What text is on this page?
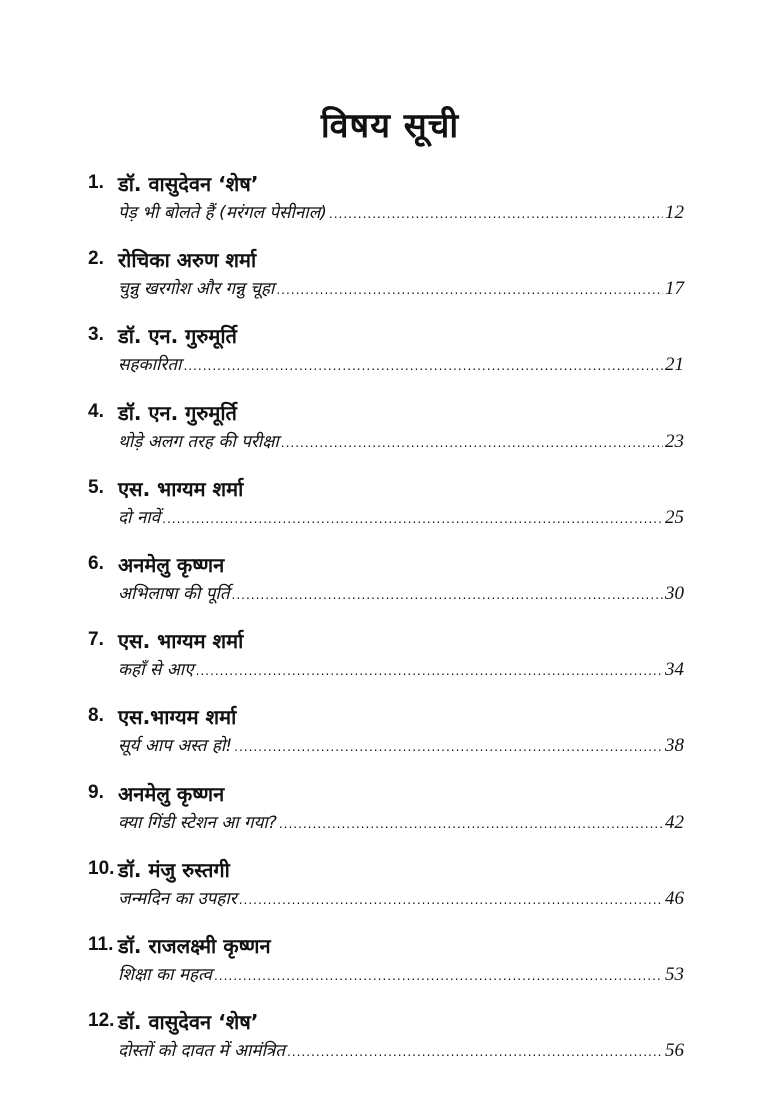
विषय सूची
1. डॉ. वासुदेवन ‘शेष’
पेड़ भी बोलते हैं (मरंगल पेसीनाल) .....	12
2. रोचिका अरुण शर्मा
चुन्नु खरगोश और गन्नु चूहा .....	17
3. डॉ. एन. गुरुमूर्ति
सहकारिता .....	21
4. डॉ. एन. गुरुमूर्ति
थोड़े अलग तरह की परीक्षा .....	23
5. एस. भाग्यम शर्मा
दो नावें .....	25
6. अनमेलु कृष्णन
अभिलाषा की पूर्ति .....	30
7. एस. भाग्यम शर्मा
कहाँ से आए .....	34
8. एस.भाग्यम शर्मा
सूर्य आप अस्त हो! .....	38
9. अनमेलु कृष्णन
क्या गिंडी स्टेशन आ गया? .....	42
10. डॉ. मंजु रुस्तगी
जन्मदिन का उपहार .....	46
11. डॉ. राजलक्ष्मी कृष्णन
शिक्षा का महत्व .....	53
12. डॉ. वासुदेवन ‘शेष’
दोस्तों को दावत में आमंत्रित .....	56
